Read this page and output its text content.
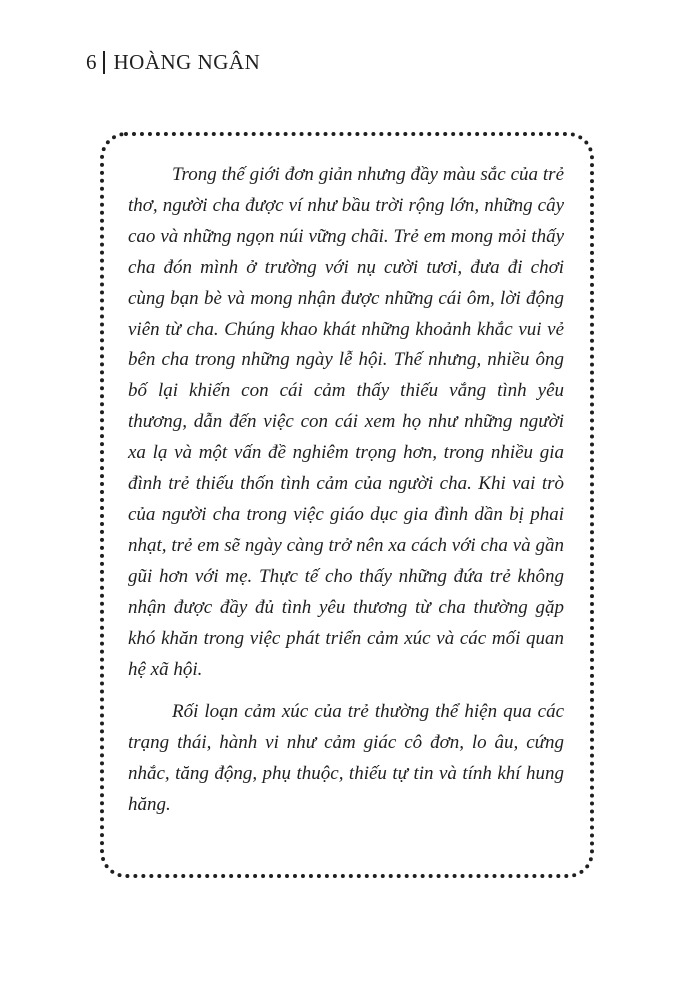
6 HOÀNG NGÂN

Trong thế giới đơn giản nhưng đầy màu sắc của trẻ thơ, người cha được ví như bầu trời rộng lớn, những cây cao và những ngọn núi vững chãi. Trẻ em mong mỏi thấy cha đón mình ở trường với nụ cười tươi, đưa đi chơi cùng bạn bè và mong nhận được những cái ôm, lời động viên từ cha. Chúng khao khát những khoảnh khắc vui vẻ bên cha trong những ngày lễ hội. Thế nhưng, nhiều ông bố lại khiến con cái cảm thấy thiếu vắng tình yêu thương, dẫn đến việc con cái xem họ như những người xa lạ và một vấn đề nghiêm trọng hơn, trong nhiều gia đình trẻ thiếu thốn tình cảm của người cha. Khi vai trò của người cha trong việc giáo dục gia đình dần bị phai nhạt, trẻ em sẽ ngày càng trở nên xa cách với cha và gần gũi hơn với mẹ. Thực tế cho thấy những đứa trẻ không nhận được đầy đủ tình yêu thương từ cha thường gặp khó khăn trong việc phát triển cảm xúc và các mối quan hệ xã hội.

Rối loạn cảm xúc của trẻ thường thể hiện qua các trạng thái, hành vi như cảm giác cô đơn, lo âu, cứng nhắc, tăng động, phụ thuộc, thiếu tự tin và tính khí hung hăng.
